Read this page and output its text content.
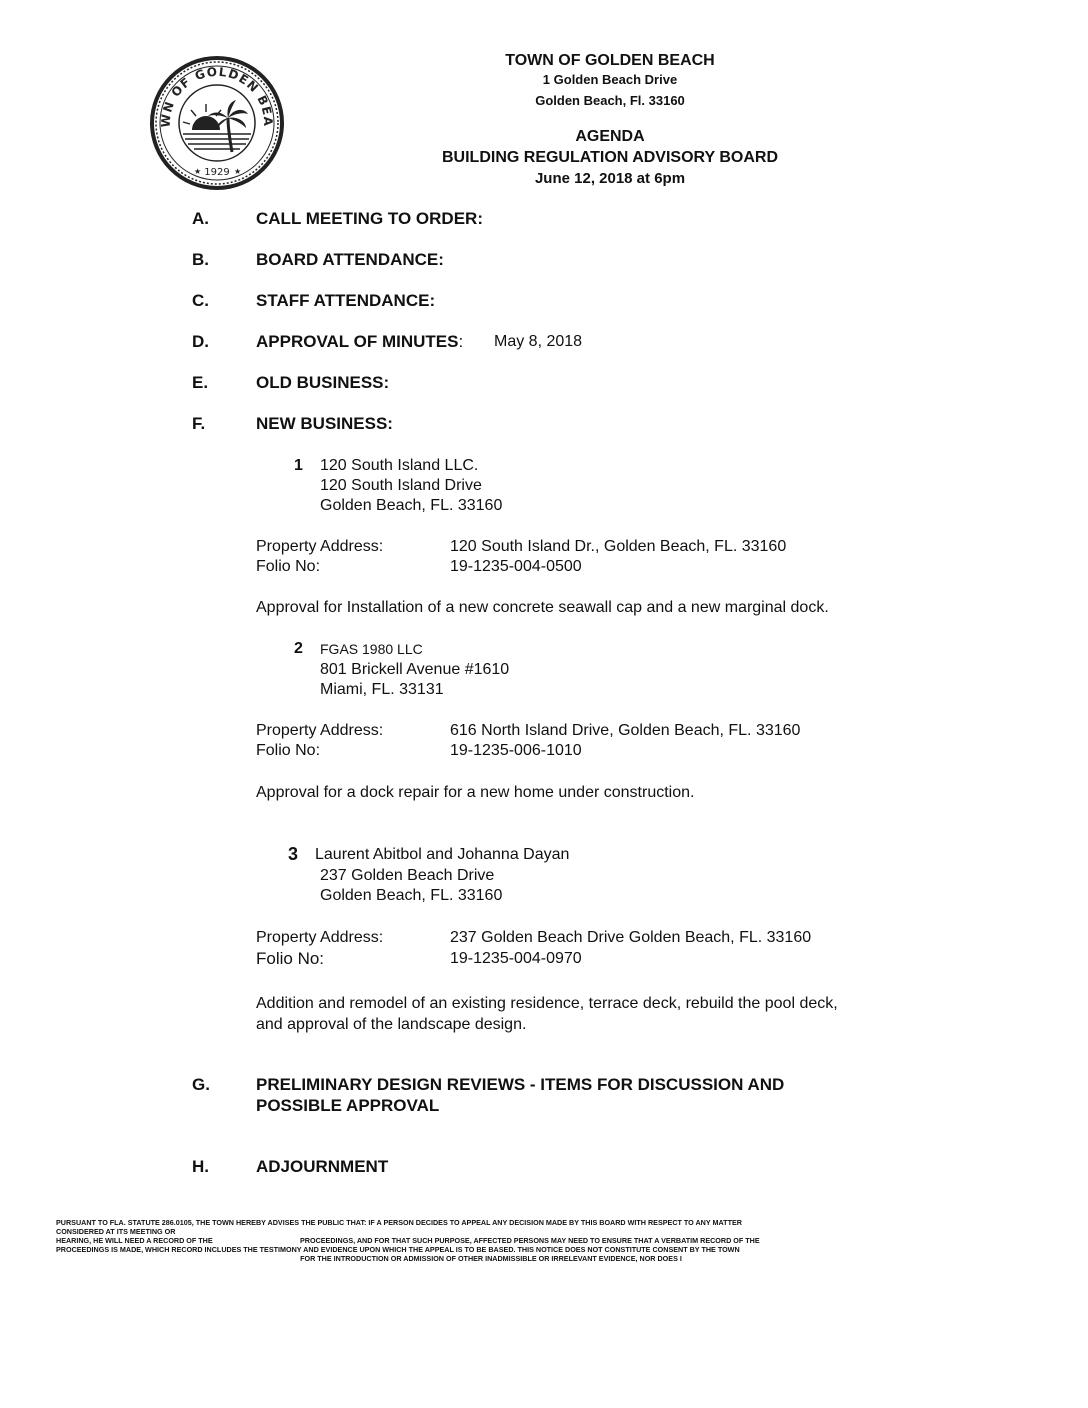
WN OF GOLDEN BEA
1929
★	★
TOWN OF GOLDEN BEACH
1 Golden Beach Drive
Golden Beach, Fl. 33160
AGENDA
BUILDING REGULATION ADVISORY BOARD
June 12, 2018 at 6pm
A.	CALL MEETING TO ORDER:
B.	BOARD ATTENDANCE:
C.	STAFF ATTENDANCE:
D.	APPROVAL OF MINUTES: May 8, 2018
E.	OLD BUSINESS:
F.	NEW BUSINESS:
1 120 South Island LLC.
120 South Island Drive
Golden Beach, FL. 33160
Property Address:	120 South Island Dr., Golden Beach, FL. 33160
Folio No:	19-1235-004-0500
Approval for Installation of a new concrete seawall cap and a new marginal dock.
2 FGAS 1980 LLC
801 Brickell Avenue #1610
Miami, FL. 33131
Property Address:	616 North Island Drive, Golden Beach, FL. 33160
Folio No:	19-1235-006-1010
Approval for a dock repair for a new home under construction.
3 Laurent Abitbol and Johanna Dayan
237 Golden Beach Drive
Golden Beach, FL. 33160
Property Address:	237 Golden Beach Drive Golden Beach, FL. 33160
Folio No:	19-1235-004-0970
Addition and remodel of an existing residence, terrace deck, rebuild the pool deck,
and approval of the landscape design.
G.	PRELIMINARY DESIGN REVIEWS - ITEMS FOR DISCUSSION AND
POSSIBLE APPROVAL
H.	ADJOURNMENT
PURSUANT TO FLA. STATUTE 286.0105, THE TOWN HEREBY ADVISES THE PUBLIC THAT: IF A PERSON DECIDES TO APPEAL ANY DECISION MADE BY THIS BOARD WITH RESPECT TO ANY MATTER
CONSIDERED AT ITS MEETING OR
HEARING, HE WILL NEED A RECORD OF THE	PROCEEDINGS, AND FOR THAT SUCH PURPOSE, AFFECTED PERSONS MAY NEED TO ENSURE THAT A VERBATIM RECORD OF THE
PROCEEDINGS IS MADE, WHICH RECORD INCLUDES THE TESTIMONY AND EVIDENCE UPON WHICH THE APPEAL IS TO BE BASED. THIS NOTICE DOES NOT CONSTITUTE CONSENT BY THE TOWN
FOR THE INTRODUCTION OR ADMISSION OF OTHER INADMISSIBLE OR IRRELEVANT EVIDENCE, NOR DOES I
